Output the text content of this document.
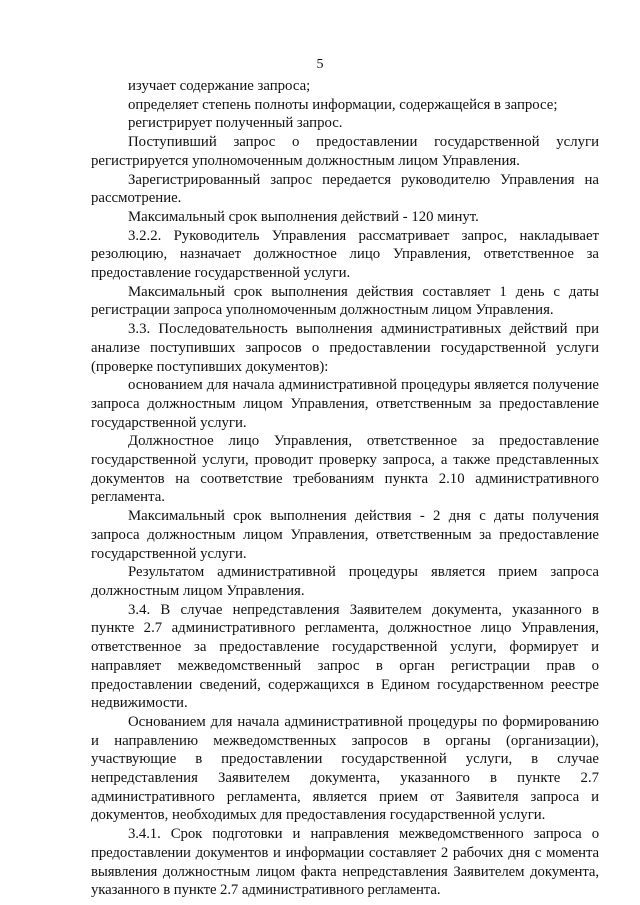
5

изучает содержание запроса;

определяет степень полноты информации, содержащейся в запросе;

регистрирует полученный запрос.

Поступивший запрос о предоставлении государственной услуги регистрируется уполномоченным должностным лицом Управления.

Зарегистрированный запрос передается руководителю Управления на рассмотрение.

Максимальный срок выполнения действий - 120 минут.

3.2.2. Руководитель Управления рассматривает запрос, накладывает резолюцию, назначает должностное лицо Управления, ответственное за предоставление государственной услуги.

Максимальный срок выполнения действия составляет 1 день с даты регистрации запроса уполномоченным должностным лицом Управления.

3.3. Последовательность выполнения административных действий при анализе поступивших запросов о предоставлении государственной услуги (проверке поступивших документов):

основанием для начала административной процедуры является получение запроса должностным лицом Управления, ответственным за предоставление государственной услуги.

Должностное лицо Управления, ответственное за предоставление государственной услуги, проводит проверку запроса, а также представленных документов на соответствие требованиям пункта 2.10 административного регламента.

Максимальный срок выполнения действия - 2 дня с даты получения запроса должностным лицом Управления, ответственным за предоставление государственной услуги.

Результатом административной процедуры является прием запроса должностным лицом Управления.

3.4. В случае непредставления Заявителем документа, указанного в пункте 2.7 административного регламента, должностное лицо Управления, ответственное за предоставление государственной услуги, формирует и направляет межведомственный запрос в орган регистрации прав о предоставлении сведений, содержащихся в Едином государственном реестре недвижимости.

Основанием для начала административной процедуры по формированию и направлению межведомственных запросов в органы (организации), участвующие в предоставлении государственной услуги, в случае непредставления Заявителем документа, указанного в пункте 2.7 административного регламента, является прием от Заявителя запроса и документов, необходимых для предоставления государственной услуги.

3.4.1. Срок подготовки и направления межведомственного запроса о предоставлении документов и информации составляет 2 рабочих дня с момента выявления должностным лицом факта непредставления Заявителем документа, указанного в пункте 2.7 административного регламента.
